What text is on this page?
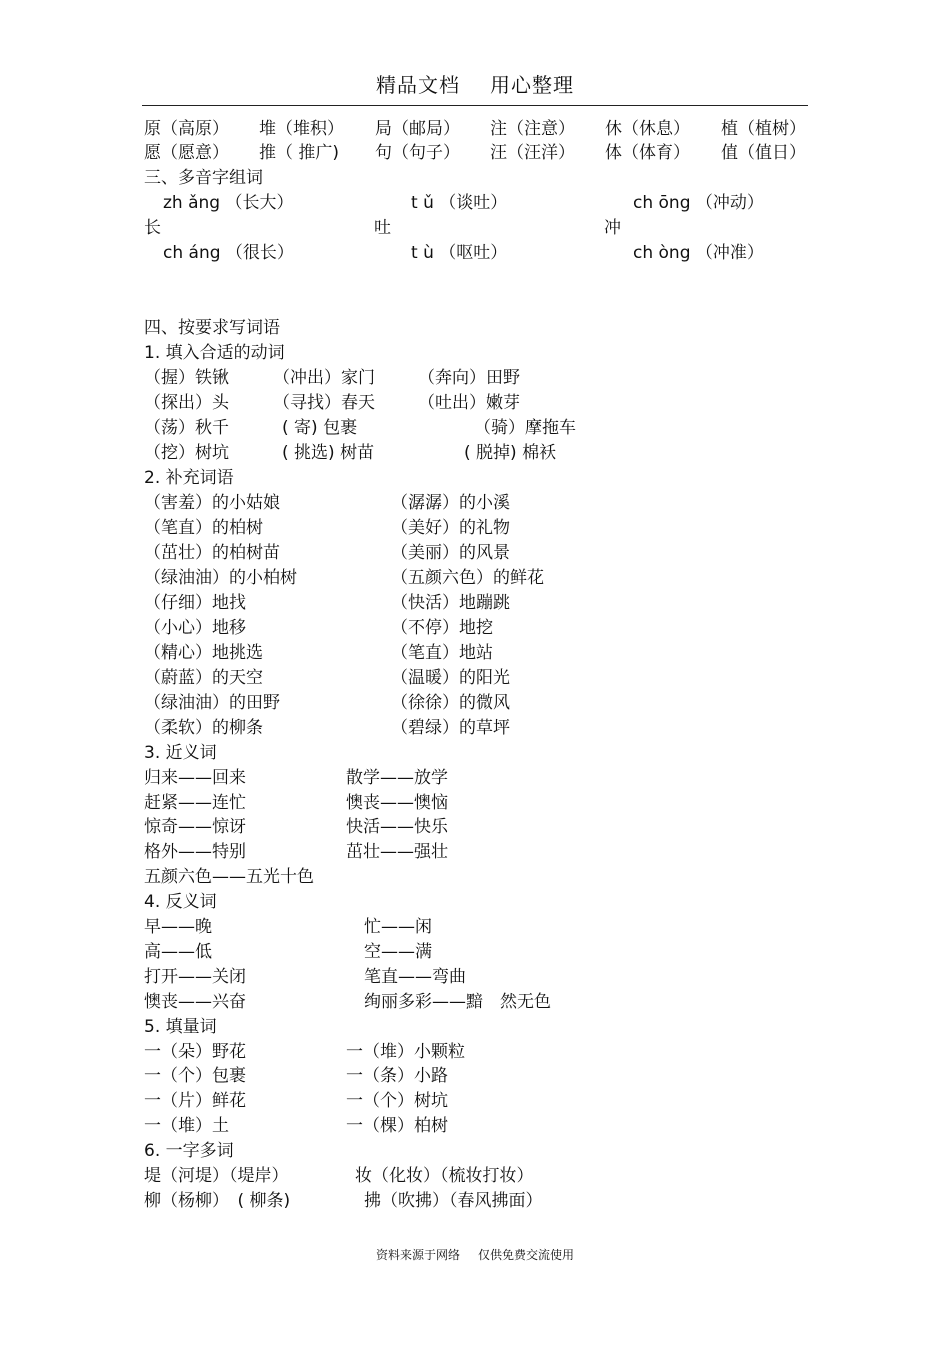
精品文档 用心整理
原（高原） 堆（堆积） 局（邮局） 注（注意） 休（休息） 植（植树）
愿（愿意） 推（ 推广) 句（句子） 汪（汪洋） 体（体育） 值（值日）
三、多音字组词
zh ǎng （长大）	t ǔ （谈吐）	ch ōng （冲动）
长	吐	冲
ch áng （很长）	t ù （呕吐）	ch òng （冲准）
四、按要求写词语
1. 填入合适的动词
（握）铁锹	（冲出）家门	（奔向）田野
（探出）头	（寻找）春天	（吐出）嫩芽
（荡）秋千	( 寄) 包裹	（骑）摩拖车
（挖）树坑	( 挑选) 树苗	( 脱掉) 棉袄
2. 补充词语
（害羞）的小姑娘	（潺潺）的小溪
（笔直）的柏树	（美好）的礼物
（茁壮）的柏树苗	（美丽）的风景
（绿油油）的小柏树	（五颜六色）的鲜花
（仔细）地找	（快活）地蹦跳
（小心）地移	（不停）地挖
（精心）地挑选	（笔直）地站
（蔚蓝）的天空	（温暖）的阳光
（绿油油）的田野	（徐徐）的微风
（柔软）的柳条	（碧绿）的草坪
3. 近义词
归来——回来	散学——放学
赶紧——连忙	懊丧——懊恼
惊奇——惊讶	快活——快乐
格外——特别	茁壮——强壮
五颜六色——五光十色
4. 反义词
早——晚	忙——闲
高——低	空——满
打开——关闭	笔直——弯曲
懊丧——兴奋	绚丽多彩——黯　然无色
5. 填量词
一（朵）野花	一（堆）小颗粒
一（个）包裹	一（条）小路
一（片）鲜花	一（个）树坑
一（堆）土	一（棵）柏树
6. 一字多词
堤（河堤）（堤岸）	妆（化妆）（梳妆打妆）
柳（杨柳）　( 柳条)	拂（吹拂）（春风拂面）
资料来源于网络 仅供免费交流使用
